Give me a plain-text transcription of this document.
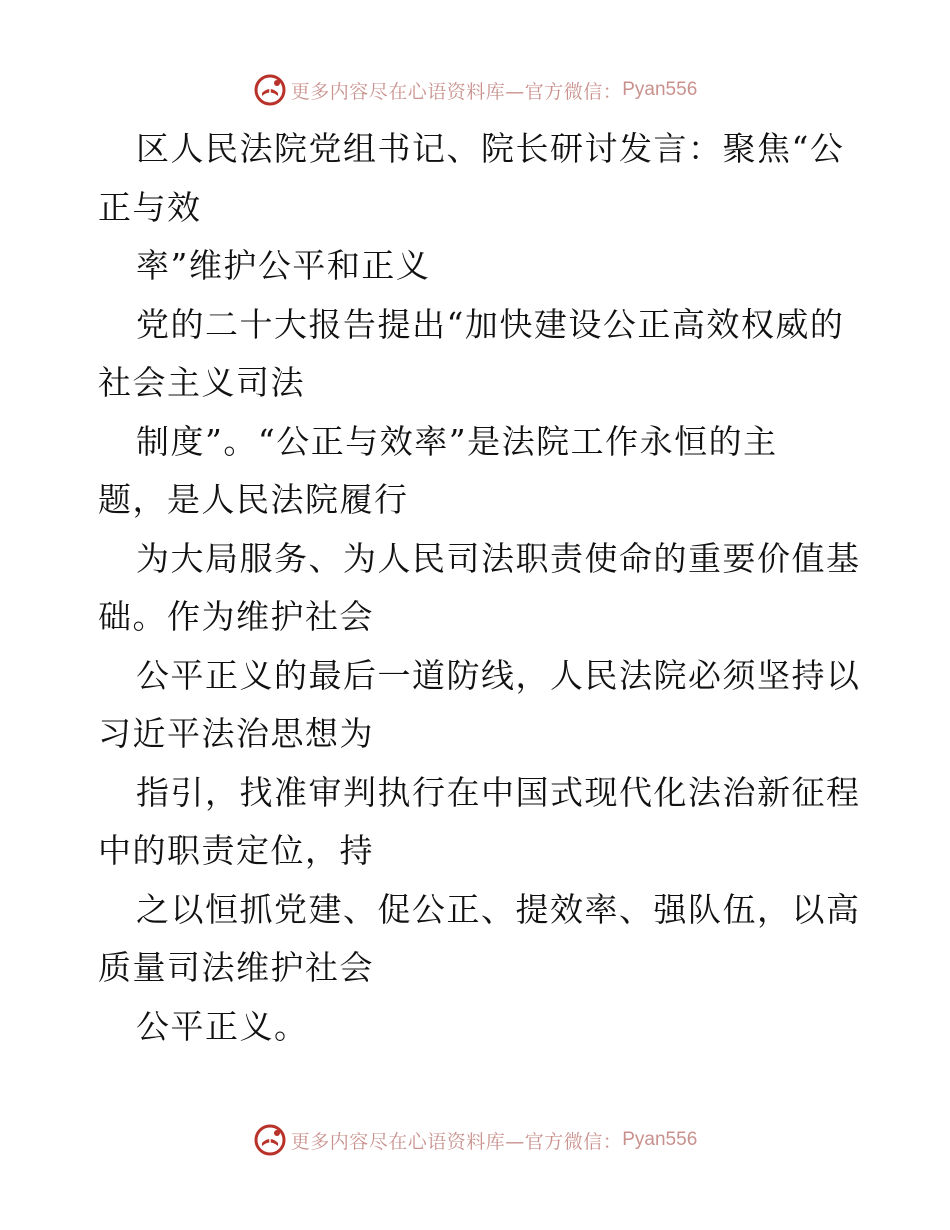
更多内容尽在心语资料库—官方微信： Pyan556
区人民法院党组书记、院长研讨发言：聚焦“公
正与效
率”维护公平和正义
党的二十大报告提出“加快建设公正高效权威的
社会主义司法
制度”。“公正与效率”是法院工作永恒的主
题，是人民法院履行
为大局服务、为人民司法职责使命的重要价值基
础。作为维护社会
公平正义的最后一道防线，人民法院必须坚持以
习近平法治思想为
指引，找准审判执行在中国式现代化法治新征程
中的职责定位，持
之以恒抓党建、促公正、提效率、强队伍，以高
质量司法维护社会
公平正义。
更多内容尽在心语资料库—官方微信： Pyan556
